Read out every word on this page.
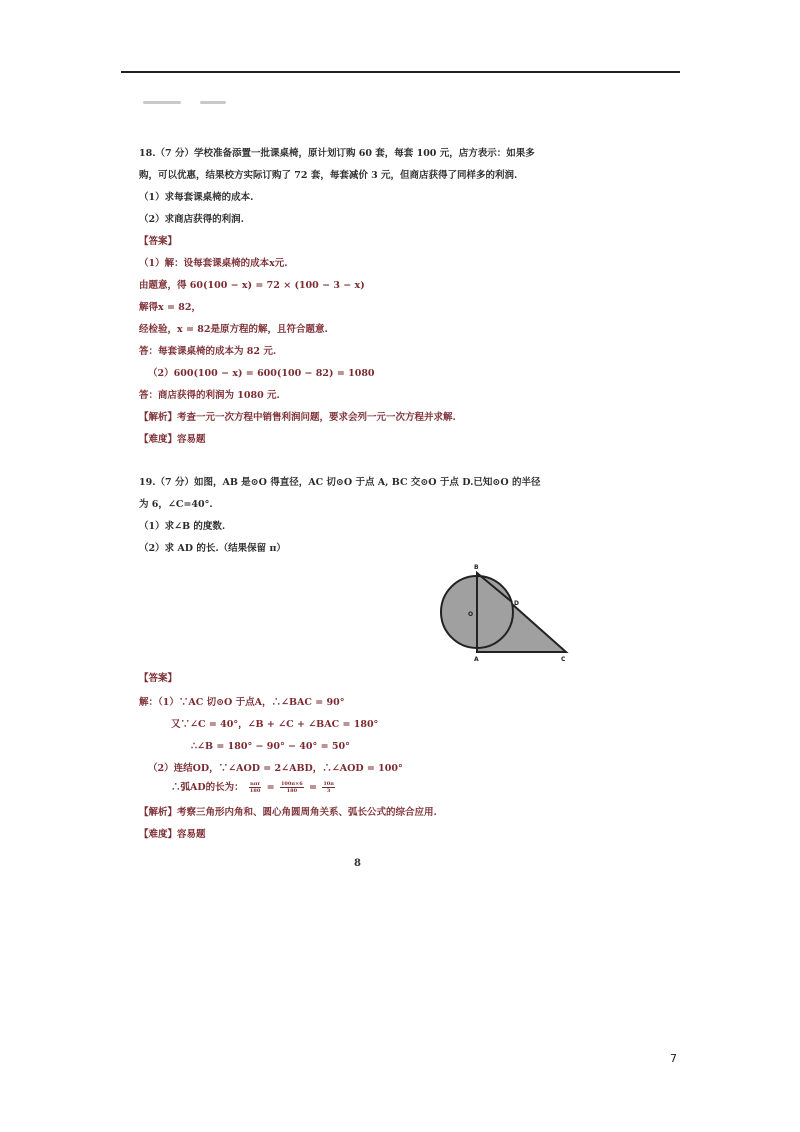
18.（7 分）学校准备添置一批课桌椅，原计划订购 60 套，每套 100 元，店方表示：如果多
购，可以优惠，结果校方实际订购了 72 套，每套减价 3 元，但商店获得了同样多的利润.
（1）求每套课桌椅的成本.
（2）求商店获得的利润.
【答案】
（1）解：设每套课桌椅的成本x元.
由题意，得 60(100 − x) = 72 × (100 − 3 − x)
解得x = 82，
经检验，x = 82是原方程的解，且符合题意.
答：每套课桌椅的成本为 82 元.
（2）600(100 − x) = 600(100 − 82) = 1080
答：商店获得的利润为 1080 元.
【解析】考查一元一次方程中销售利润问题，要求会列一元一次方程并求解.
【难度】容易题
19.（7 分）如图，AB 是⊙O 得直径，AC 切⊙O 于点 A, BC 交⊙O 于点 D.已知⊙O 的半径
为 6，∠C=40°.
（1）求∠B 的度数.
（2）求 AD 的长.（结果保留 π）
B
D
O
A	C
【答案】
解：（1）∵AC 切⊙O 于点A，∴∠BAC = 90°
又∵∠C = 40°，∠B + ∠C + ∠BAC = 180°
∴∠B = 180° − 90° − 40° = 50°
（2）连结OD，∵∠AOD = 2∠ABD，∴∠AOD = 100°
∴弧AD的长为： $\frac{\text{nπr}}{180} = \frac{100\pi\times 6}{180} = \frac{10\pi}{3}$
【解析】考察三角形内角和、圆心角圆周角关系、弧长公式的综合应用.
【难度】容易题
8
7
